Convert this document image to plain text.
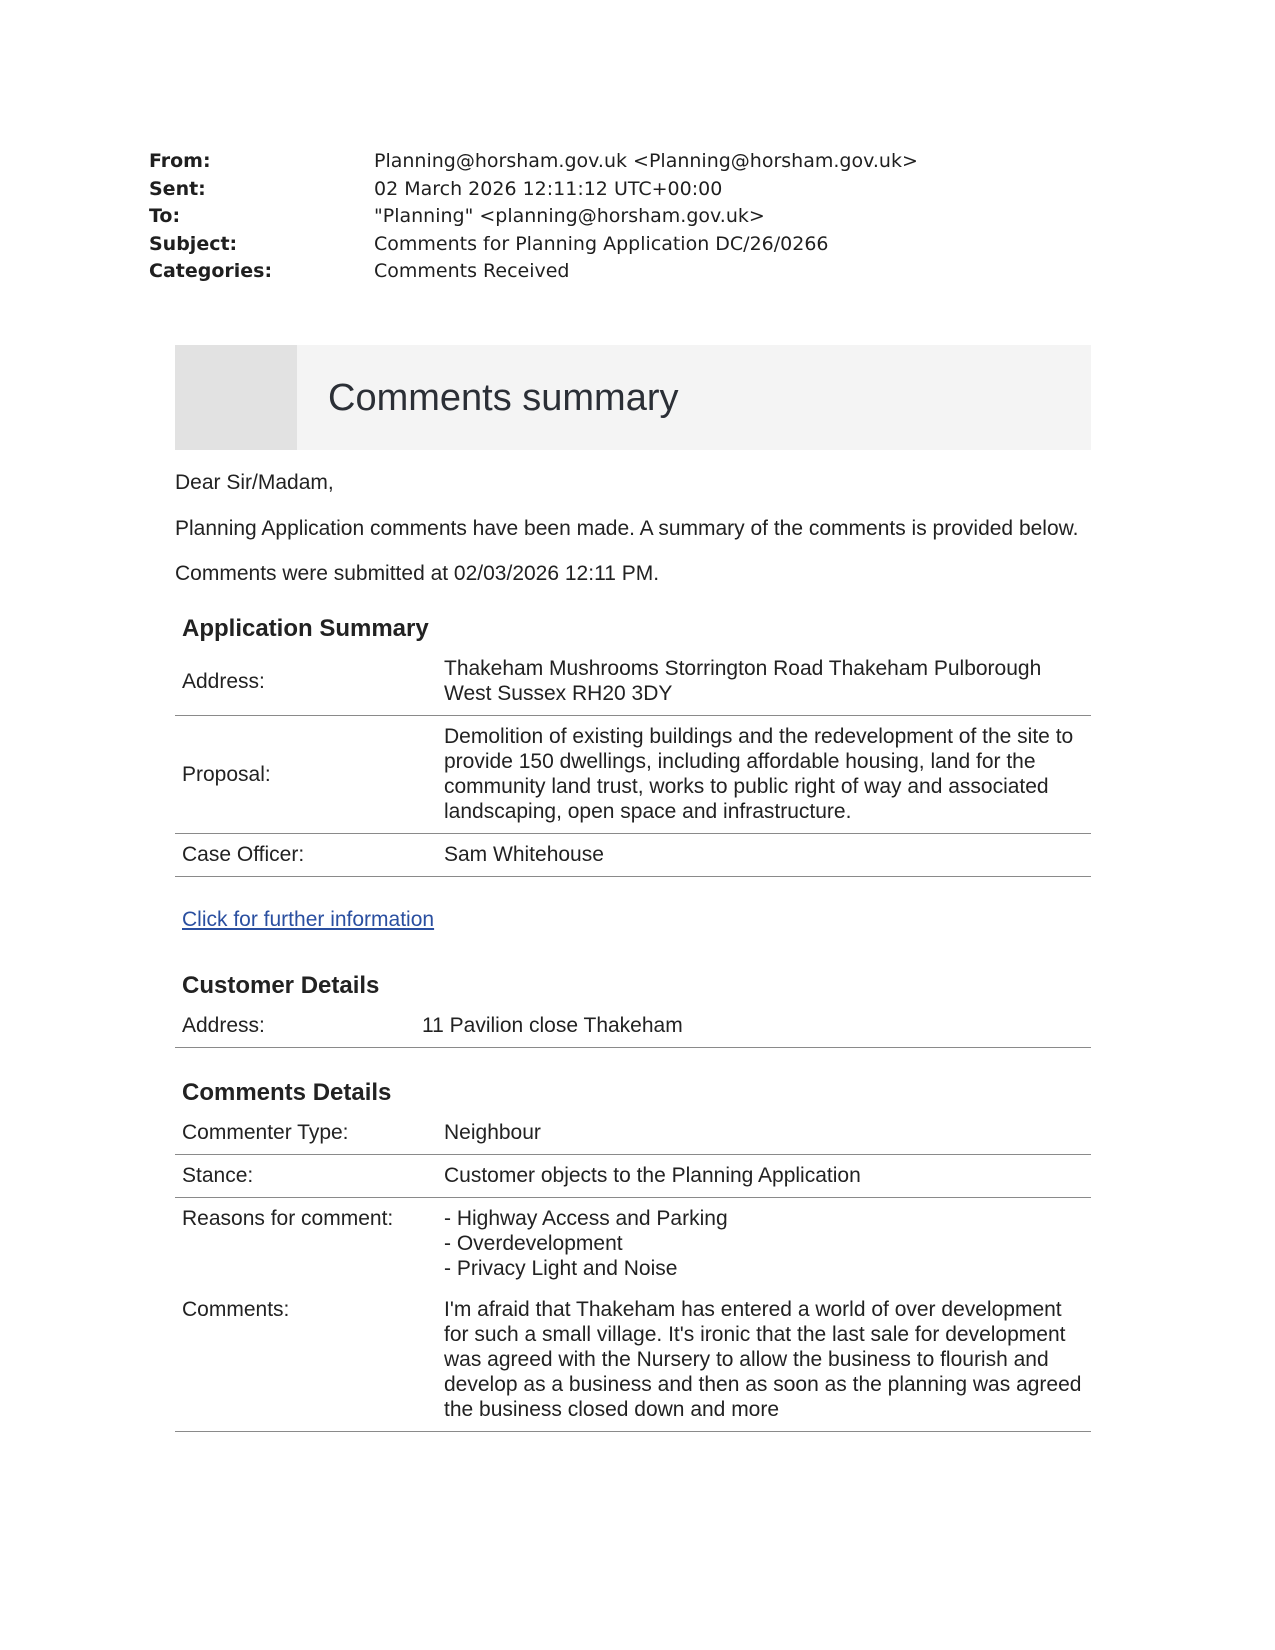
From:	Planning@horsham.gov.uk <Planning@horsham.gov.uk>
Sent:	02 March 2026 12:11:12 UTC+00:00
To:	"Planning" <planning@horsham.gov.uk>
Subject:	Comments for Planning Application DC/26/0266
Categories:	Comments Received
Comments summary

Dear Sir/Madam,

Planning Application comments have been made. A summary of the comments is provided below.

Comments were submitted at 02/03/2026 12:11 PM.

Application Summary
Address:	Thakeham Mushrooms Storrington Road Thakeham Pulborough West Sussex RH20 3DY
Proposal:	Demolition of existing buildings and the redevelopment of the site to provide 150 dwellings, including affordable housing, land for the community land trust, works to public right of way and associated landscaping, open space and infrastructure.
Case Officer:	Sam Whitehouse
Click for further information
Customer Details
Address:	11 Pavilion close Thakeham
Comments Details
Commenter Type:	Neighbour
Stance:	Customer objects to the Planning Application
Reasons for comment:	- Highway Access and Parking
- Overdevelopment
- Privacy Light and Noise

Comments:	I'm afraid that Thakeham has entered a world of over development for such a small village. It's ironic that the last sale for development was agreed with the Nursery to allow the business to flourish and develop as a business and then as soon as the planning was agreed the business closed down and more
